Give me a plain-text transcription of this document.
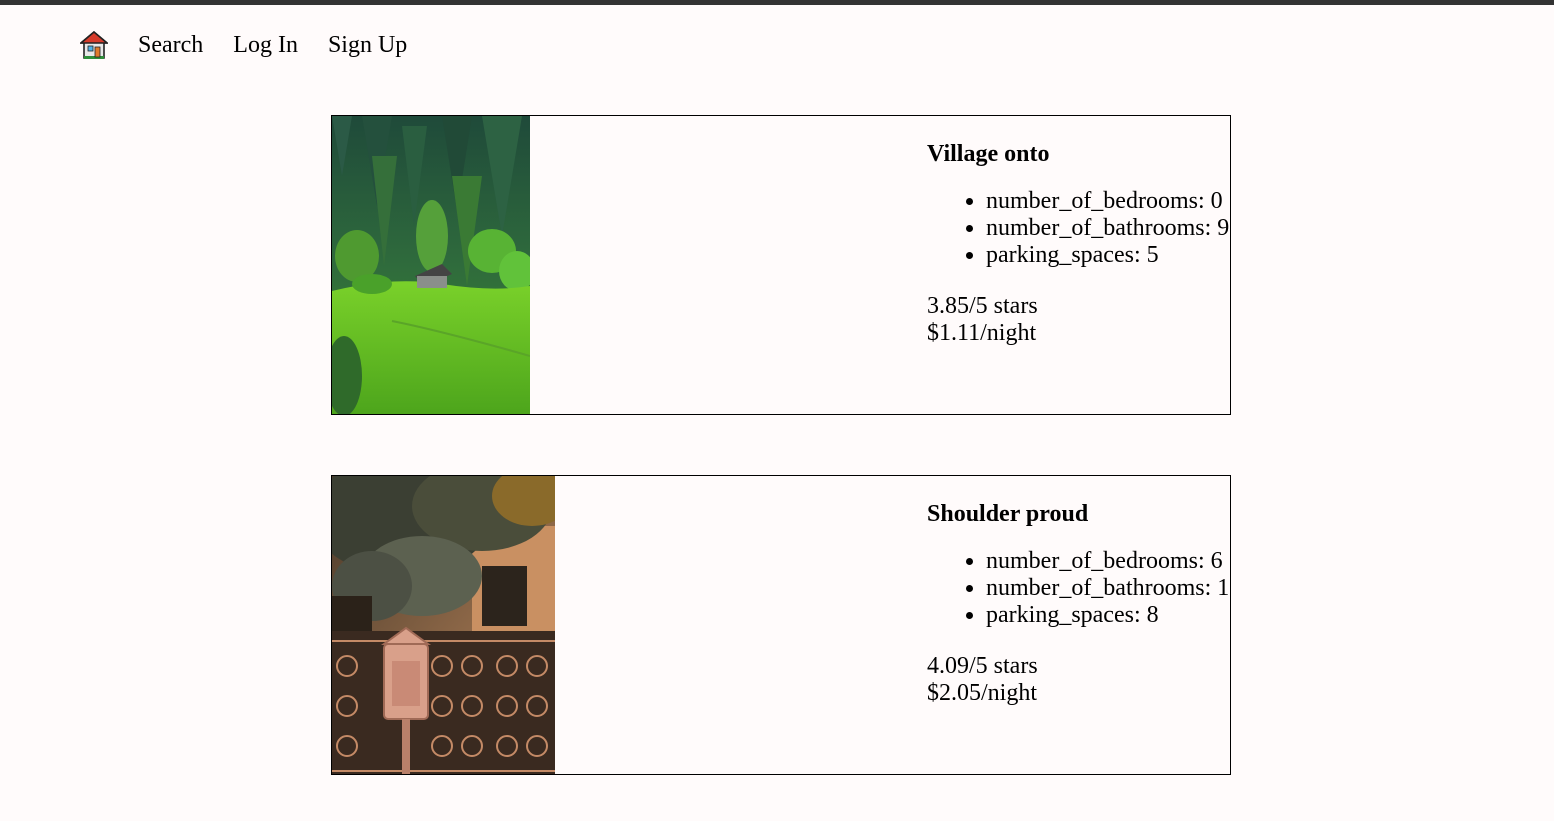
Search Log In Sign Up
Village onto
• number_of_bedrooms: 0
• number_of_bathrooms: 9
• parking_spaces: 5
3.85/5 stars
$1.11/night
Shoulder proud
• number_of_bedrooms: 6
• number_of_bathrooms: 1
• parking_spaces: 8
4.09/5 stars
$2.05/night
